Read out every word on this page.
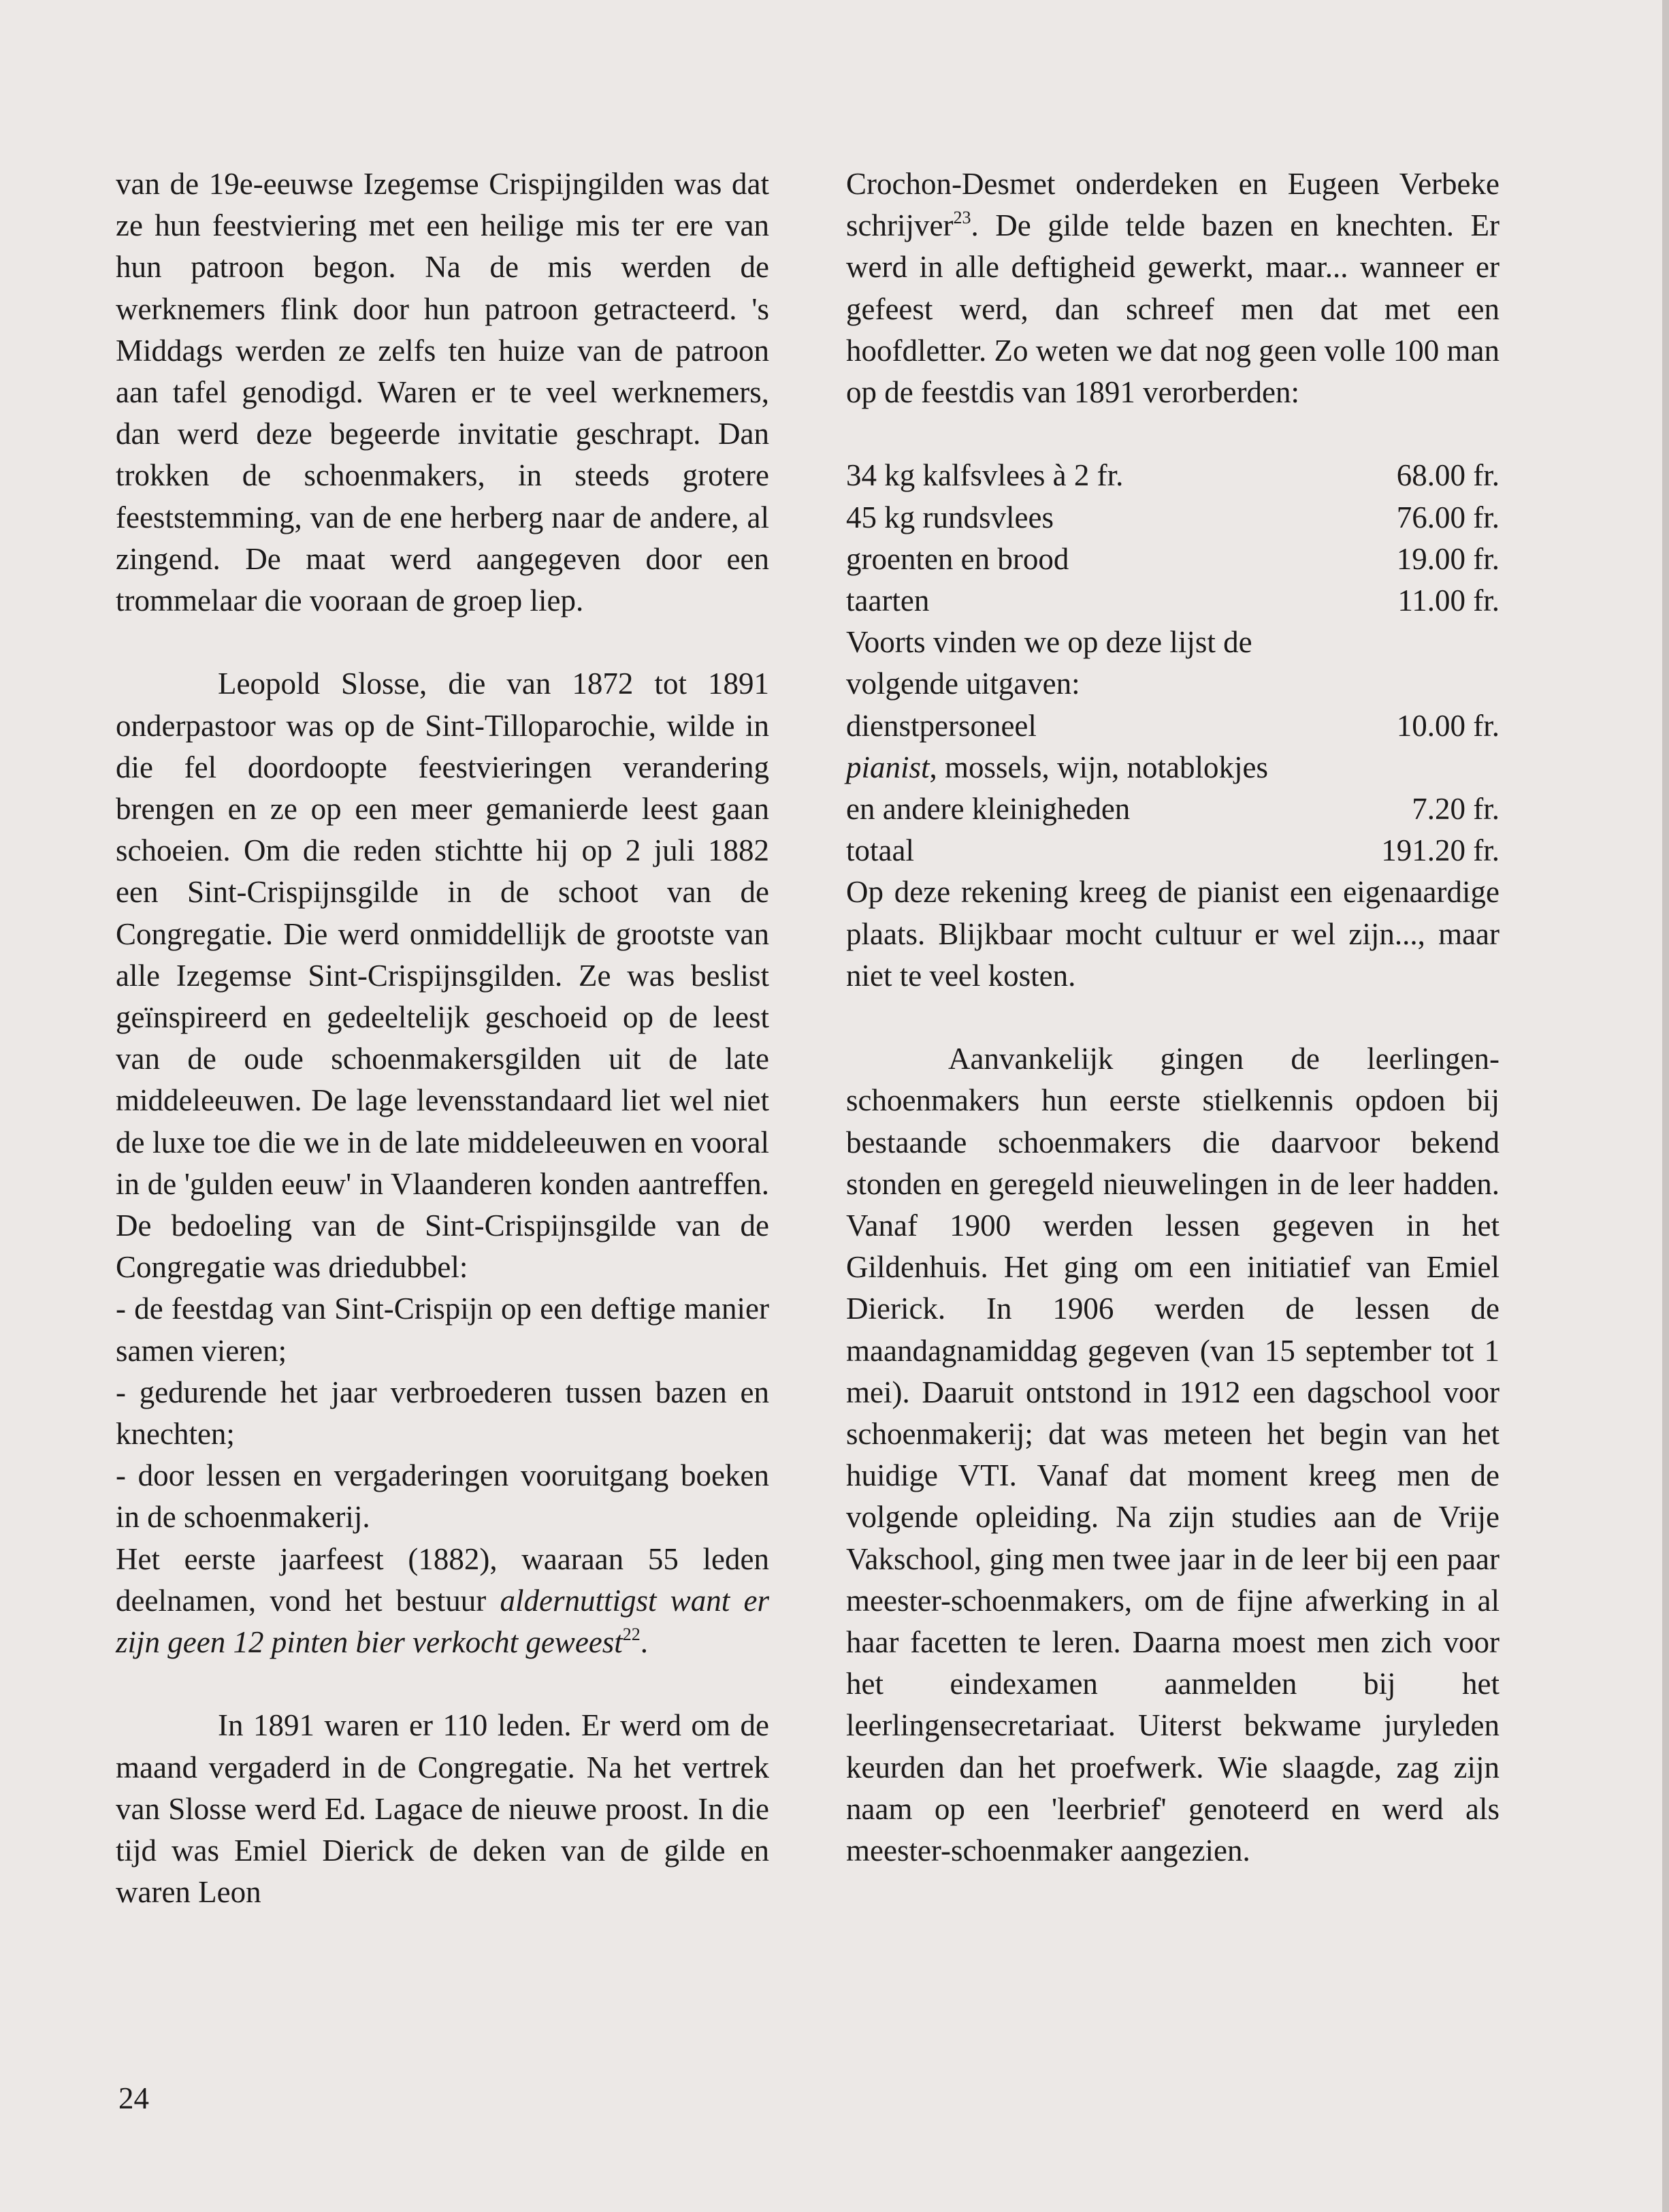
van de 19e-eeuwse Izegemse Crispijngilden was dat ze hun feestviering met een heilige mis ter ere van hun patroon begon. Na de mis werden de werknemers flink door hun patroon getracteerd. 's Middags werden ze zelfs ten huize van de patroon aan tafel genodigd. Waren er te veel werknemers, dan werd deze begeerde invitatie geschrapt. Dan trokken de schoenmakers, in steeds grotere feeststemming, van de ene herberg naar de andere, al zingend. De maat werd aangegeven door een trommelaar die vooraan de groep liep.

Leopold Slosse, die van 1872 tot 1891 onderpastoor was op de Sint-Tilloparochie, wilde in die fel doordoopte feestvieringen verandering brengen en ze op een meer gemanierde leest gaan schoeien. Om die reden stichtte hij op 2 juli 1882 een Sint-Crispijnsgilde in de schoot van de Congregatie. Die werd onmiddellijk de grootste van alle Izegemse Sint-Crispijnsgilden. Ze was beslist geïnspireerd en gedeeltelijk geschoeid op de leest van de oude schoenmakersgilden uit de late middeleeuwen. De lage levensstandaard liet wel niet de luxe toe die we in de late middeleeuwen en vooral in de 'gulden eeuw' in Vlaanderen konden aantreffen. De bedoeling van de Sint-Crispijnsgilde van de Congregatie was driedubbel:

- de feestdag van Sint-Crispijn op een deftige manier samen vieren;
- gedurende het jaar verbroederen tussen bazen en knechten;
- door lessen en vergaderingen vooruitgang boeken in de schoenmakerij.

Het eerste jaarfeest (1882), waaraan 55 leden deelnamen, vond het bestuur aldernuttigst want er zijn geen 12 pinten bier verkocht geweest$^{22}$.

In 1891 waren er 110 leden. Er werd om de maand vergaderd in de Congregatie. Na het vertrek van Slosse werd Ed. Lagace de nieuwe proost. In die tijd was Emiel Dierick de deken van de gilde en waren Leon

Crochon-Desmet onderdeken en Eugeen Verbeke schrijver$^{23}$. De gilde telde bazen en knechten. Er werd in alle deftigheid gewerkt, maar... wanneer er gefeest werd, dan schreef men dat met een hoofdletter. Zo weten we dat nog geen volle 100 man op de feestdis van 1891 verorberden:

34 kg kalfsvlees à 2 fr.	68.00 fr.
45 kg rundsvlees	76.00 fr.
groenten en brood	19.00 fr.
taarten	11.00 fr.
Voorts vinden we op deze lijst de
volgende uitgaven:
dienstpersoneel	10.00 fr.
pianist, mossels, wijn, notablokjes
en andere kleinigheden	7.20 fr.
totaal	191.20 fr.

Op deze rekening kreeg de pianist een eigenaardige plaats. Blijkbaar mocht cultuur er wel zijn..., maar niet te veel kosten.

Aanvankelijk gingen de leerlingen-schoenmakers hun eerste stielkennis opdoen bij bestaande schoenmakers die daarvoor bekend stonden en geregeld nieuwelingen in de leer hadden. Vanaf 1900 werden lessen gegeven in het Gildenhuis. Het ging om een initiatief van Emiel Dierick. In 1906 werden de lessen de maandagnamiddag gegeven (van 15 september tot 1 mei). Daaruit ontstond in 1912 een dagschool voor schoenmakerij; dat was meteen het begin van het huidige VTI. Vanaf dat moment kreeg men de volgende opleiding. Na zijn studies aan de Vrije Vakschool, ging men twee jaar in de leer bij een paar meester-schoenmakers, om de fijne afwerking in al haar facetten te leren. Daarna moest men zich voor het eindexamen aanmelden bij het leerlingensecretariaat. Uiterst bekwame juryleden keurden dan het proefwerk. Wie slaagde, zag zijn naam op een 'leerbrief' genoteerd en werd als meester-schoenmaker aangezien.

24
